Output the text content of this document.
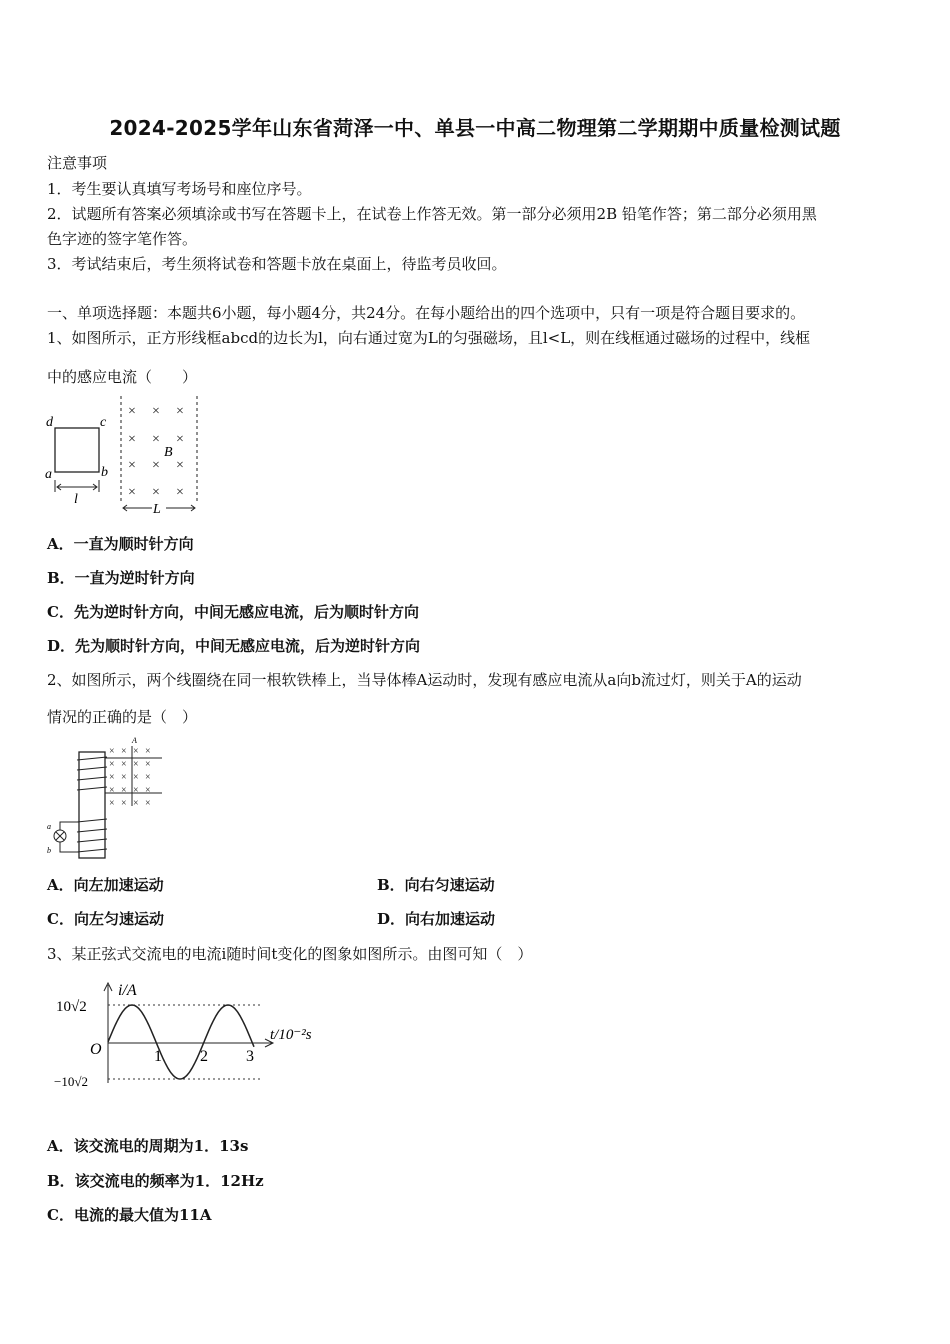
2024-2025学年山东省菏泽一中、单县一中高二物理第二学期期中质量检测试题
注意事项
1．考生要认真填写考场号和座位序号。
2．试题所有答案必须填涂或书写在答题卡上，在试卷上作答无效。第一部分必须用2B 铅笔作答；第二部分必须用黑
色字迹的签字笔作答。
3．考试结束后，考生须将试卷和答题卡放在桌面上，待监考员收回。
一、单项选择题：本题共6小题，每小题4分，共24分。在每小题给出的四个选项中，只有一项是符合题目要求的。
1、如图所示，正方形线框abcd的边长为l，向右通过宽为L的匀强磁场，且l<L，则在线框通过磁场的过程中，线框
中的感应电流（　　）
d	c
a	b
l
× × ×
× × ×
× × ×
× × ×
B
L
A．一直为顺时针方向
B．一直为逆时针方向
C．先为逆时针方向，中间无感应电流，后为顺时针方向
D．先为顺时针方向，中间无感应电流，后为逆时针方向
2、如图所示，两个线圈绕在同一根软铁棒上，当导体棒A运动时，发现有感应电流从a向b流过灯，则关于A的运动
情况的正确的是（　）
A
× × × ×
× × × ×
× × × ×
× × × ×
× × × ×
a
b
A．向左加速运动	B．向右匀速运动
C．向左匀速运动	D．向右加速运动
3、某正弦式交流电的电流i随时间t变化的图象如图所示。由图可知（　）
i/A
t/10⁻²s
10√2
−10√2
O	1 2 3
A．该交流电的周期为1．13s
B．该交流电的频率为1．12Hz
C．电流的最大值为11A
